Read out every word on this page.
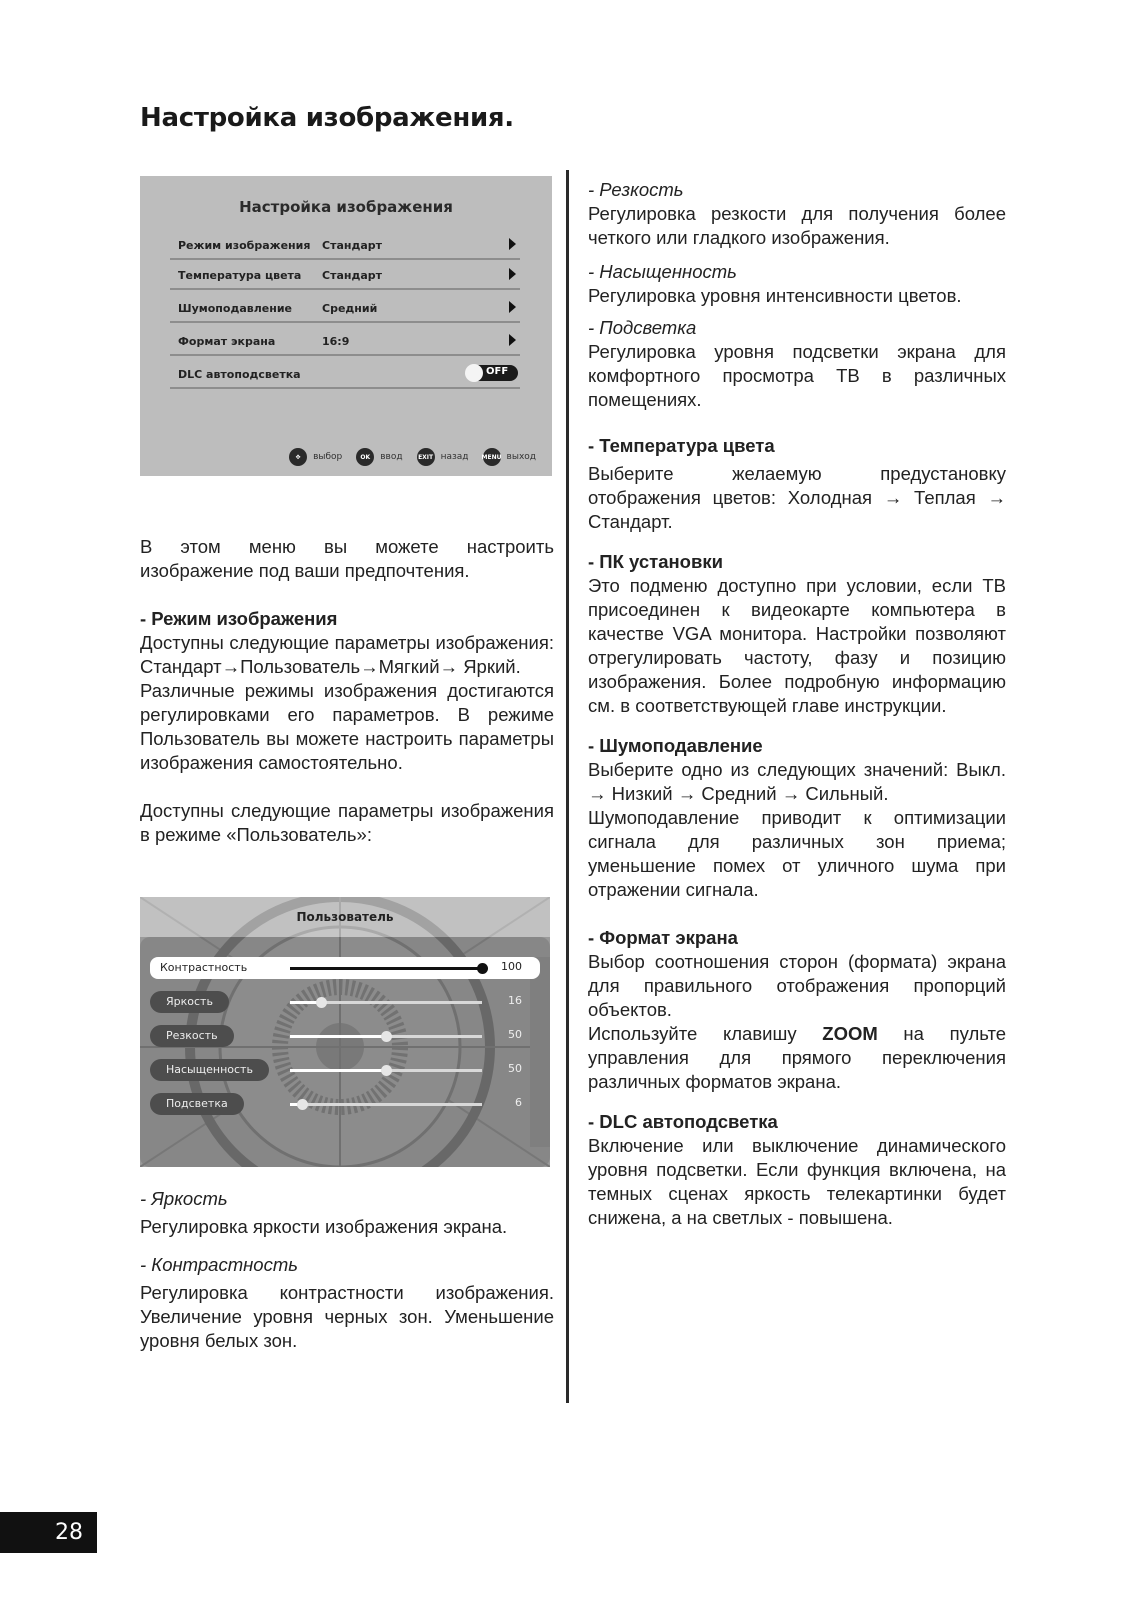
Настройка изображения.
Настройка изображения
Режим изображения Стандарт
Температура цвета Стандарт
Шумоподавление	Средний
Формат экрана	16:9
DLC автоподсветка	OFF
✥	выбор	OK	ввод	EXIT назад MENU выход

В этом меню вы можете настроить изображение под ваши предпочтения.

- Режим изображения

Доступны следующие параметры изображения: Стандарт→Пользователь→Мягкий→ Яркий.

Различные режимы изображения достигаются регулировками его параметров. В режиме Пользователь вы можете настроить параметры изображения самостоятельно.

Доступны следующие параметры изображения в режиме «Пользователь»:

Пользователь
Контрастность	100
Яркость	16
Резкость	50
Насыщенность	50
Подсветка	6

- Яркость

Регулировка яркости изображения экрана.

- Контрастность

Регулировка контрастности изображения. Увеличение уровня черных зон. Уменьшение уровня белых зон.

- Резкость

Регулировка резкости для получения более четкого или гладкого изображения.

- Насыщенность

Регулировка уровня интенсивности цветов.

- Подсветка

Регулировка уровня подсветки экрана для комфортного просмотра ТВ в различных помещениях.

- Температура цвета

Выберите желаемую предустановку отображения цветов: Холодная → Теплая → Стандарт.

- ПК установки

Это подменю доступно при условии, если ТВ присоединен к видеокарте компьютера в качестве VGA монитора. Настройки позволяют отрегулировать частоту, фазу и позицию изображения. Более подробную информацию см. в соответствующей главе инструкции.

- Шумоподавление

Выберите одно из следующих значений: Выкл. → Низкий → Средний → Сильный.

Шумоподавление приводит к оптимизации сигнала для различных зон приема; уменьшение помех от уличного шума при отражении сигнала.

- Формат экрана

Выбор соотношения сторон (формата) экрана для правильного отображения пропорций объектов.

Используйте клавишу ZOOM на пульте управления для прямого переключения различных форматов экрана.

- DLC автоподсветка

Включение или выключение динамического уровня подсветки. Если функция включена, на темных сценах яркость телекартинки будет снижена, а на светлых - повышена.

28
